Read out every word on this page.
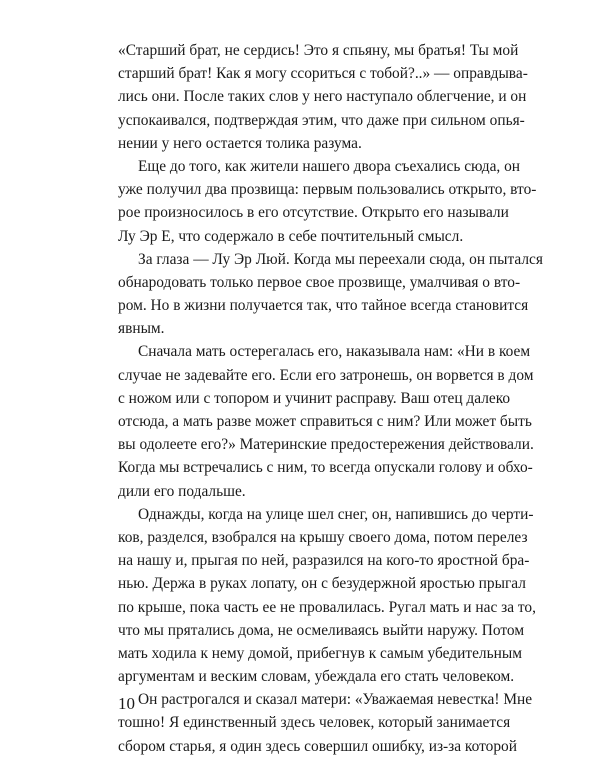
«Старший брат, не сердись! Это я спьяну, мы братья! Ты мой
старший брат! Как я могу ссориться с тобой?..» — оправдыва-
лись они. После таких слов у него наступало облегчение, и он
успокаивался, подтверждая этим, что даже при сильном опья-
нении у него остается толика разума.
Еще до того, как жители нашего двора съехались сюда, он
уже получил два прозвища: первым пользовались открыто, вто-
рое произносилось в его отсутствие. Открыто его называли
Лу Эр Е, что содержало в себе почтительный смысл.
За глаза — Лу Эр Люй. Когда мы переехали сюда, он пытался
обнародовать только первое свое прозвище, умалчивая о вто-
ром. Но в жизни получается так, что тайное всегда становится
явным.
Сначала мать остерегалась его, наказывала нам: «Ни в коем
случае не задевайте его. Если его затронешь, он ворвется в дом
с ножом или с топором и учинит расправу. Ваш отец далеко
отсюда, а мать разве может справиться с ним? Или может быть
вы одолеете его?» Материнские предостережения действовали.
Когда мы встречались с ним, то всегда опускали голову и обхо-
дили его подальше.
Однажды, когда на улице шел снег, он, напившись до черти-
ков, разделся, взобрался на крышу своего дома, потом перелез
на нашу и, прыгая по ней, разразился на кого-то яростной бра-
нью. Держа в руках лопату, он с безудержной яростью прыгал
по крыше, пока часть ее не провалилась. Ругал мать и нас за то,
что мы прятались дома, не осмеливаясь выйти наружу. Потом
мать ходила к нему домой, прибегнув к самым убедительным
аргументам и веским словам, убеждала его стать человеком.
Он растрогался и сказал матери: «Уважаемая невестка! Мне
тошно! Я единственный здесь человек, который занимается
сбором старья, я один здесь совершил ошибку, из-за которой
10
